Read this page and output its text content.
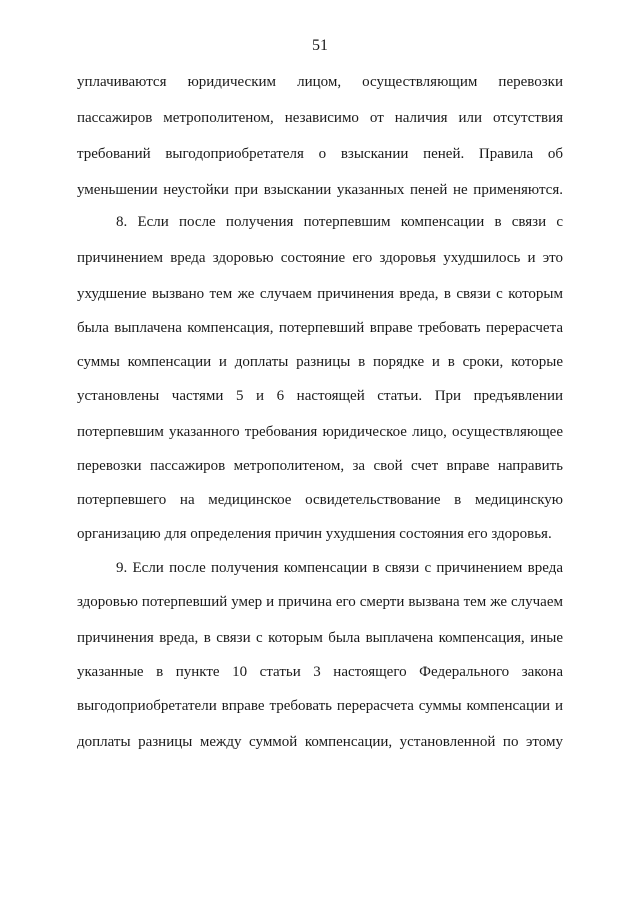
51
уплачиваются юридическим лицом, осуществляющим перевозки
пассажиров метрополитеном, независимо от наличия или отсутствия
требований выгодоприобретателя о взыскании пеней. Правила об
уменьшении неустойки при взыскании указанных пеней не применяются.
8. Если после получения потерпевшим компенсации в связи с
причинением вреда здоровью состояние его здоровья ухудшилось и это
ухудшение вызвано тем же случаем причинения вреда, в связи с которым
была выплачена компенсация, потерпевший вправе требовать перерасчета
суммы компенсации и доплаты разницы в порядке и в сроки, которые
установлены частями 5 и 6 настоящей статьи. При предъявлении
потерпевшим указанного требования юридическое лицо, осуществляющее
перевозки пассажиров метрополитеном, за свой счет вправе направить
потерпевшего на медицинское освидетельствование в медицинскую
организацию для определения причин ухудшения состояния его здоровья.
9. Если после получения компенсации в связи с причинением вреда
здоровью потерпевший умер и причина его смерти вызвана тем же случаем
причинения вреда, в связи с которым была выплачена компенсация, иные
указанные в пункте 10 статьи 3 настоящего Федерального закона
выгодоприобретатели вправе требовать перерасчета суммы компенсации и
доплаты разницы между суммой компенсации, установленной по этому
